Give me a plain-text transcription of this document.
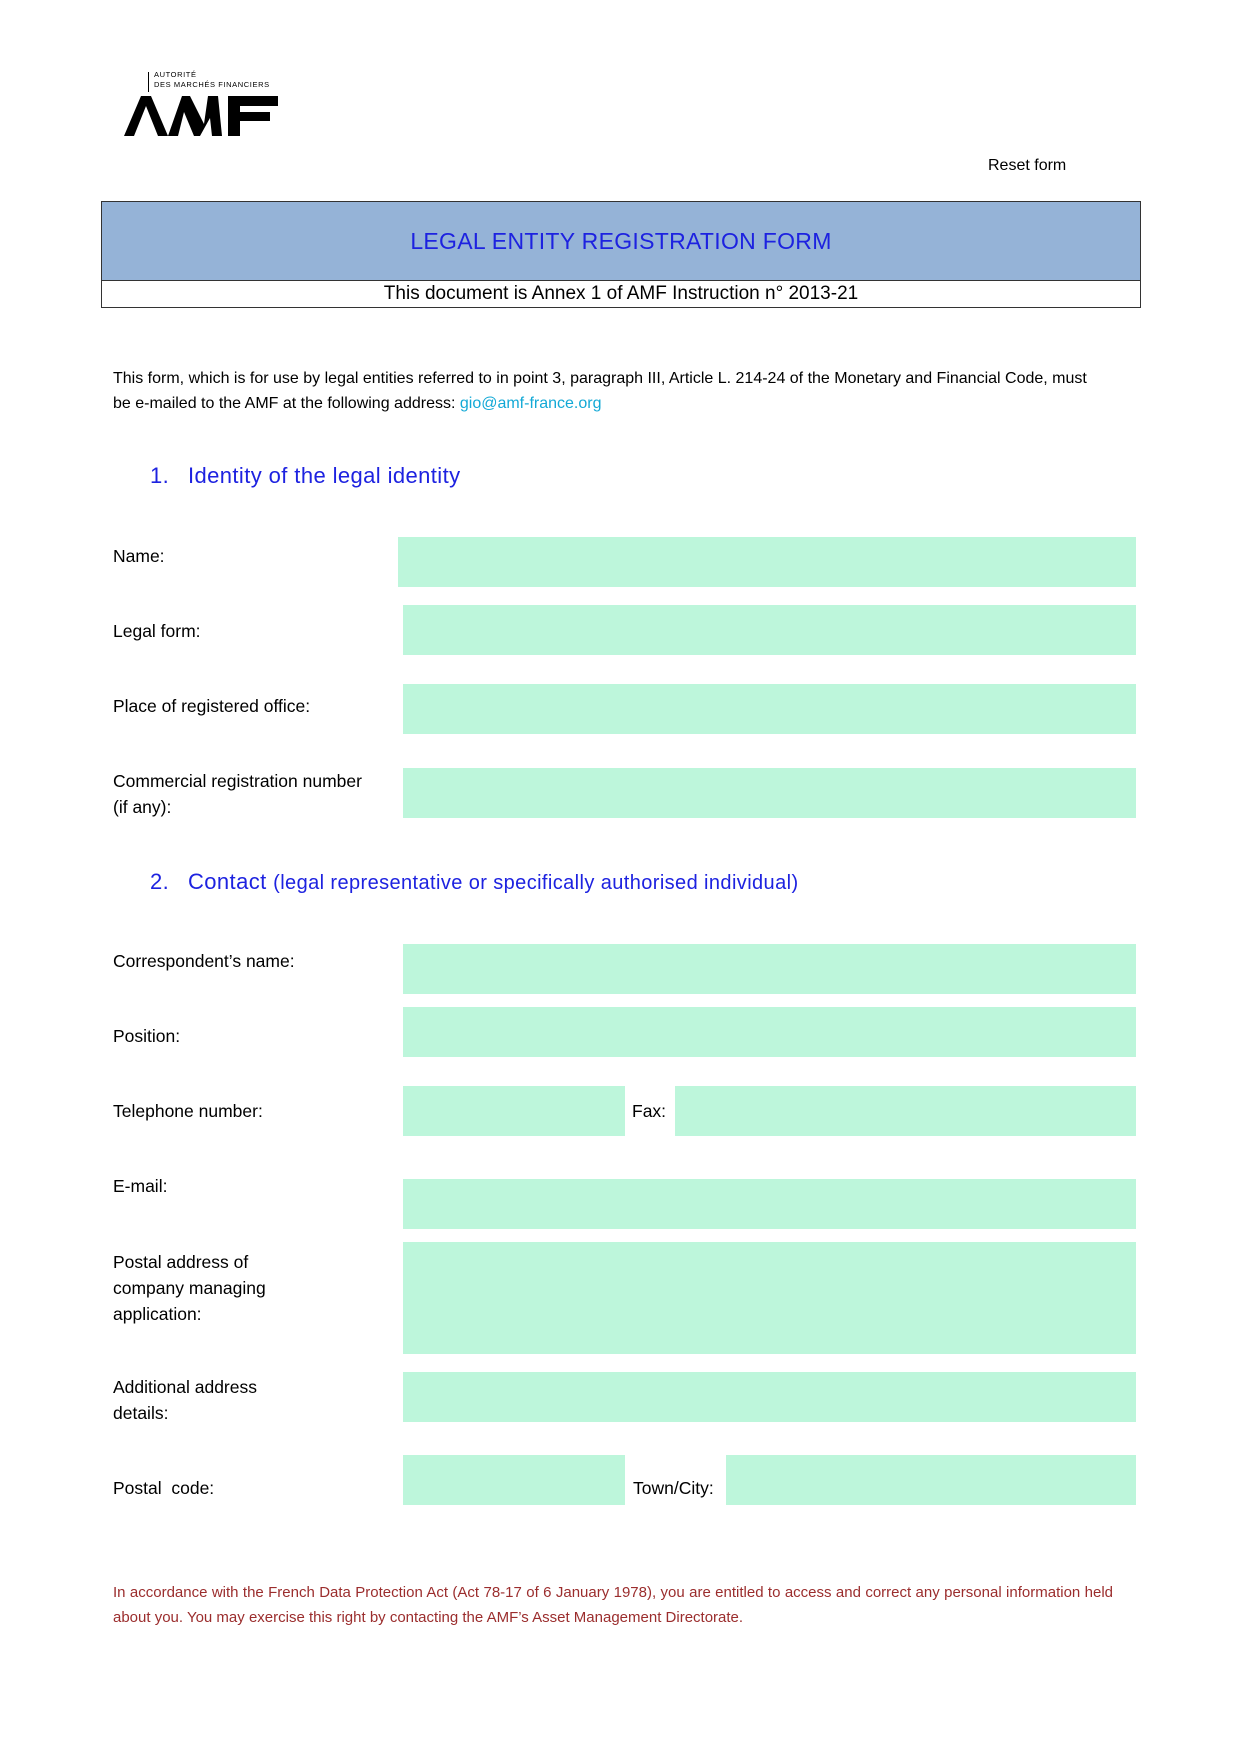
AUTORITÉ
DES MARCHÉS FINANCIERS
Reset form
LEGAL ENTITY REGISTRATION FORM
This document is Annex 1 of AMF Instruction n° 2013-21
This form, which is for use by legal entities referred to in point 3, paragraph III, Article L. 214-24 of the Monetary and Financial Code, must
be e-mailed to the AMF at the following address: gio@amf-france.org
1. Identity of the legal identity
Name:
Legal form:
Place of registered office:
Commercial registration number
(if any):
2. Contact (legal representative or specifically authorised individual)
Correspondent’s name:
Position:
Telephone number:	Fax:
E-mail:
Postal address of
company managing
application:
Additional address
details:
Postal  code:	Town/City:
In accordance with the French Data Protection Act (Act 78-17 of 6 January 1978), you are entitled to access and correct any personal information held about you. You may exercise this right by contacting the AMF’s Asset Management Directorate.
